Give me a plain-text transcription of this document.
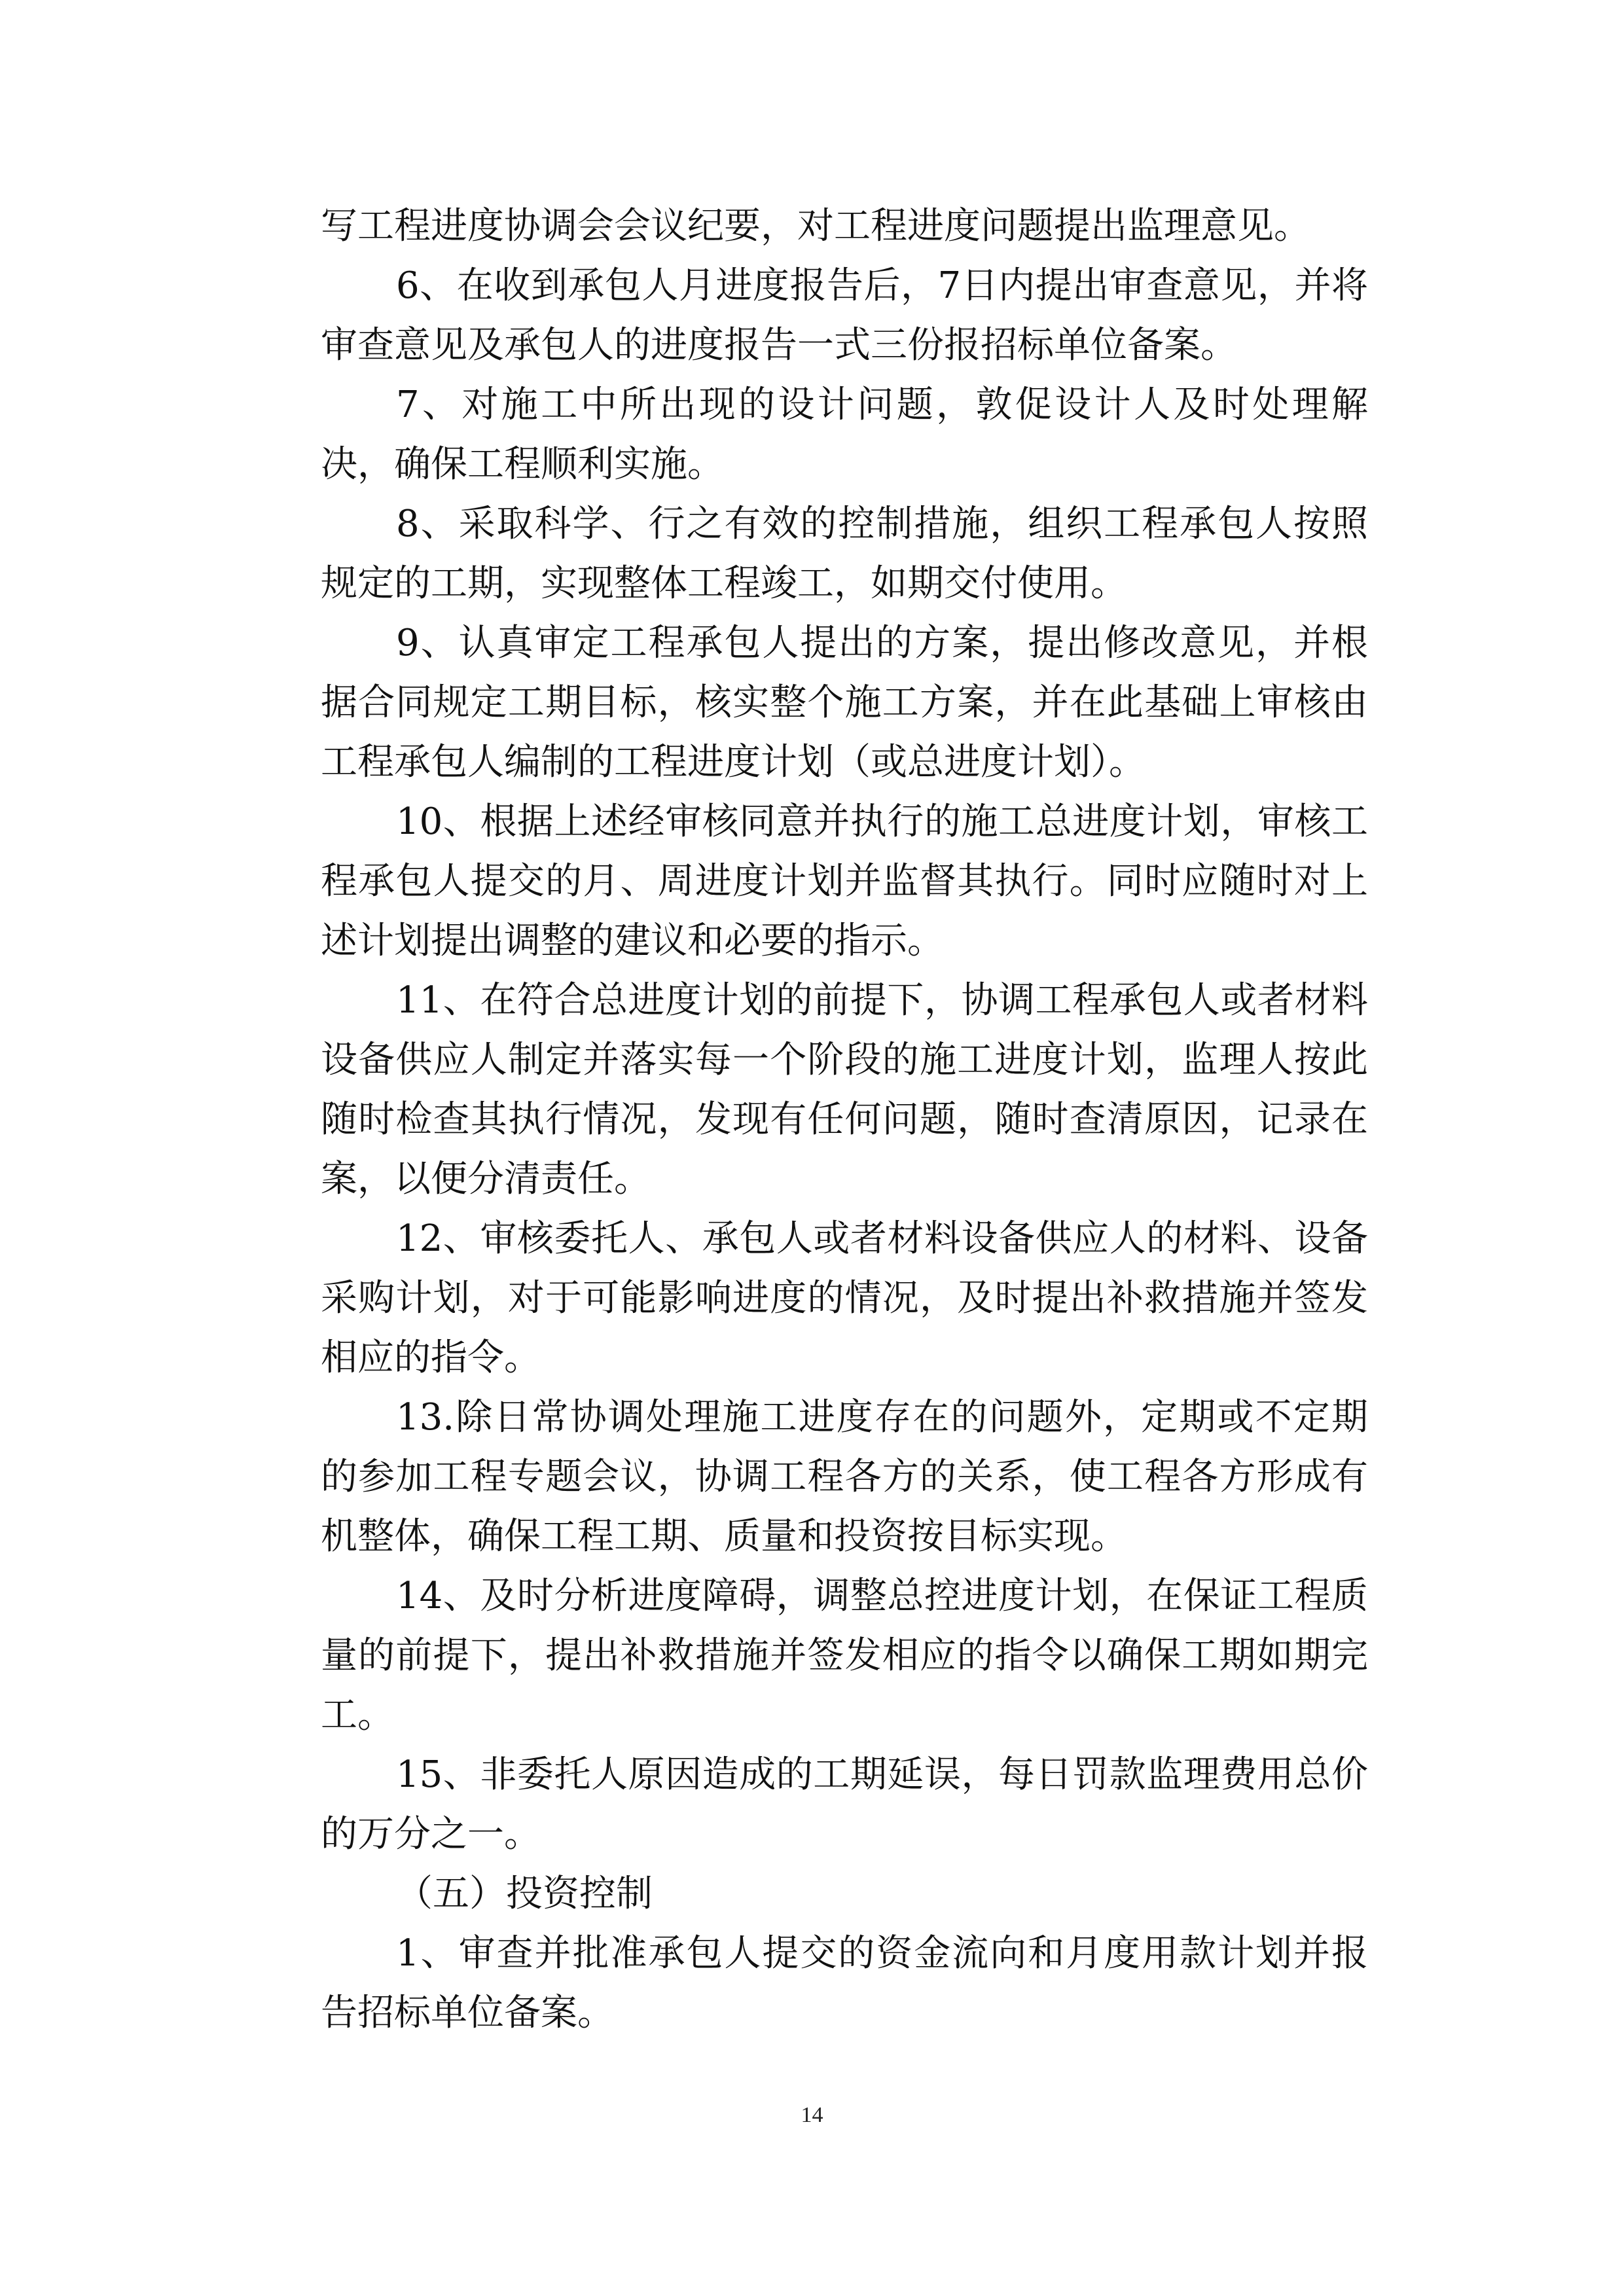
写工程进度协调会会议纪要，对工程进度问题提出监理意见。

6、在收到承包人月进度报告后，7日内提出审查意见，并将审查意见及承包人的进度报告一式三份报招标单位备案。

7、对施工中所出现的设计问题，敦促设计人及时处理解决，确保工程顺利实施。

8、采取科学、行之有效的控制措施，组织工程承包人按照规定的工期，实现整体工程竣工，如期交付使用。

9、认真审定工程承包人提出的方案，提出修改意见，并根据合同规定工期目标，核实整个施工方案，并在此基础上审核由工程承包人编制的工程进度计划（或总进度计划）。

10、根据上述经审核同意并执行的施工总进度计划，审核工程承包人提交的月、周进度计划并监督其执行。同时应随时对上述计划提出调整的建议和必要的指示。

11、在符合总进度计划的前提下，协调工程承包人或者材料设备供应人制定并落实每一个阶段的施工进度计划，监理人按此随时检查其执行情况，发现有任何问题，随时查清原因，记录在案，以便分清责任。

12、审核委托人、承包人或者材料设备供应人的材料、设备采购计划，对于可能影响进度的情况，及时提出补救措施并签发相应的指令。

13.除日常协调处理施工进度存在的问题外，定期或不定期的参加工程专题会议，协调工程各方的关系，使工程各方形成有机整体，确保工程工期、质量和投资按目标实现。

14、及时分析进度障碍，调整总控进度计划，在保证工程质量的前提下，提出补救措施并签发相应的指令以确保工期如期完工。

15、非委托人原因造成的工期延误，每日罚款监理费用总价的万分之一。

（五）投资控制

1、审查并批准承包人提交的资金流向和月度用款计划并报告招标单位备案。

14
